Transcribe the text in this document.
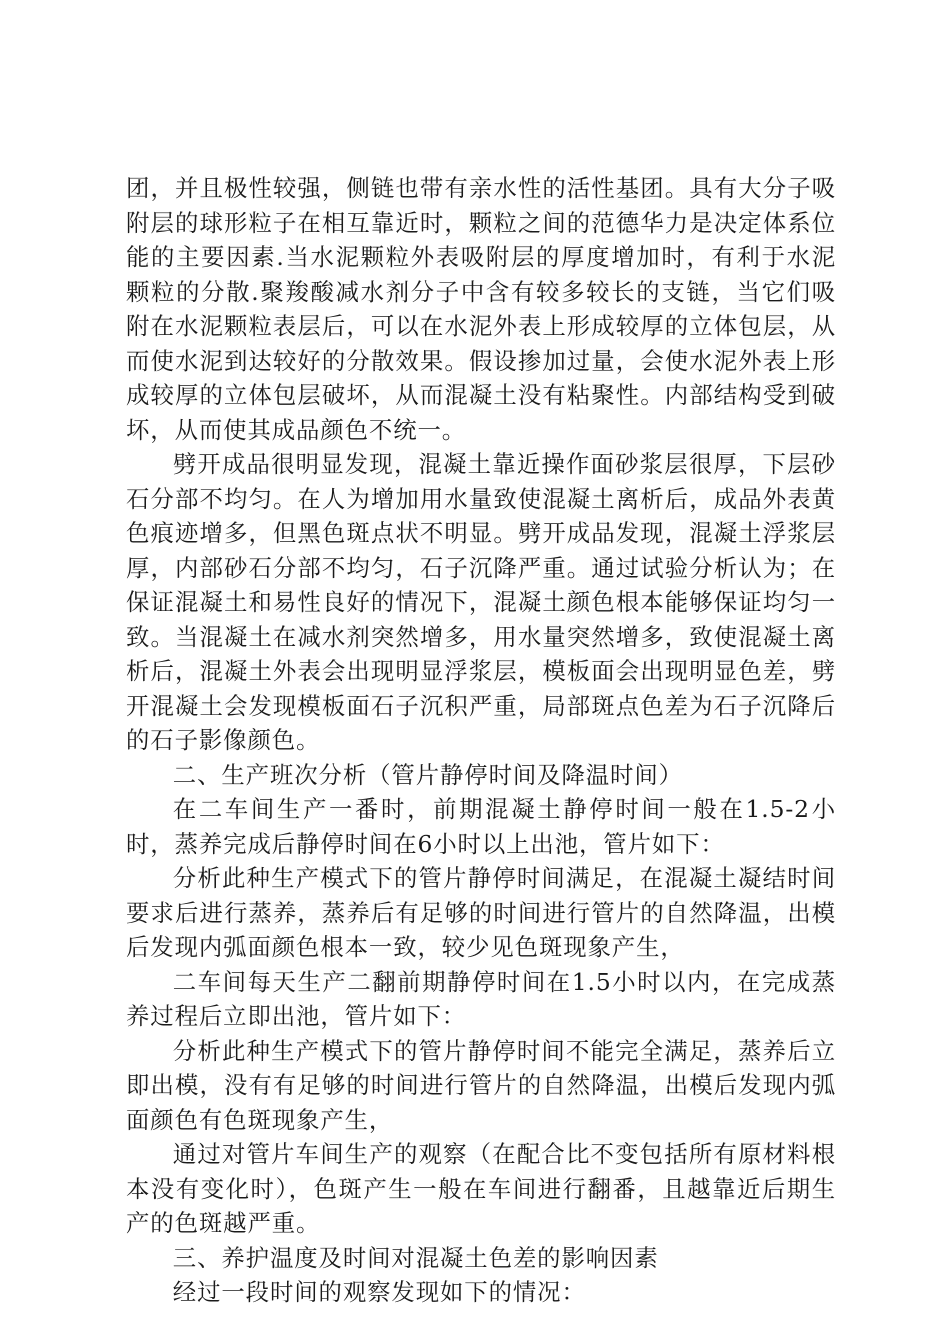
团，并且极性较强，侧链也带有亲水性的活性基团。具有大分子吸附层的球形粒子在相互靠近时，颗粒之间的范德华力是决定体系位能的主要因素.当水泥颗粒外表吸附层的厚度增加时，有利于水泥颗粒的分散.聚羧酸减水剂分子中含有较多较长的支链，当它们吸附在水泥颗粒表层后，可以在水泥外表上形成较厚的立体包层，从而使水泥到达较好的分散效果。假设掺加过量，会使水泥外表上形成较厚的立体包层破坏，从而混凝土没有粘聚性。内部结构受到破坏，从而使其成品颜色不统一。

劈开成品很明显发现，混凝土靠近操作面砂浆层很厚，下层砂石分部不均匀。在人为增加用水量致使混凝土离析后，成品外表黄色痕迹增多，但黑色斑点状不明显。劈开成品发现，混凝土浮浆层厚，内部砂石分部不均匀，石子沉降严重。通过试验分析认为；在保证混凝土和易性良好的情况下，混凝土颜色根本能够保证均匀一致。当混凝土在减水剂突然增多，用水量突然增多，致使混凝土离析后，混凝土外表会出现明显浮浆层，模板面会出现明显色差，劈开混凝土会发现模板面石子沉积严重，局部斑点色差为石子沉降后的石子影像颜色。

二、生产班次分析（管片静停时间及降温时间）

在二车间生产一番时，前期混凝土静停时间一般在1.5-2小时，蒸养完成后静停时间在6小时以上出池，管片如下：

分析此种生产模式下的管片静停时间满足，在混凝土凝结时间要求后进行蒸养，蒸养后有足够的时间进行管片的自然降温，出模后发现内弧面颜色根本一致，较少见色斑现象产生，

二车间每天生产二翻前期静停时间在1.5小时以内，在完成蒸养过程后立即出池，管片如下：

分析此种生产模式下的管片静停时间不能完全满足，蒸养后立即出模，没有有足够的时间进行管片的自然降温，出模后发现内弧面颜色有色斑现象产生，

通过对管片车间生产的观察（在配合比不变包括所有原材料根本没有变化时），色斑产生一般在车间进行翻番，且越靠近后期生产的色斑越严重。

三、养护温度及时间对混凝土色差的影响因素

经过一段时间的观察发现如下的情况：
